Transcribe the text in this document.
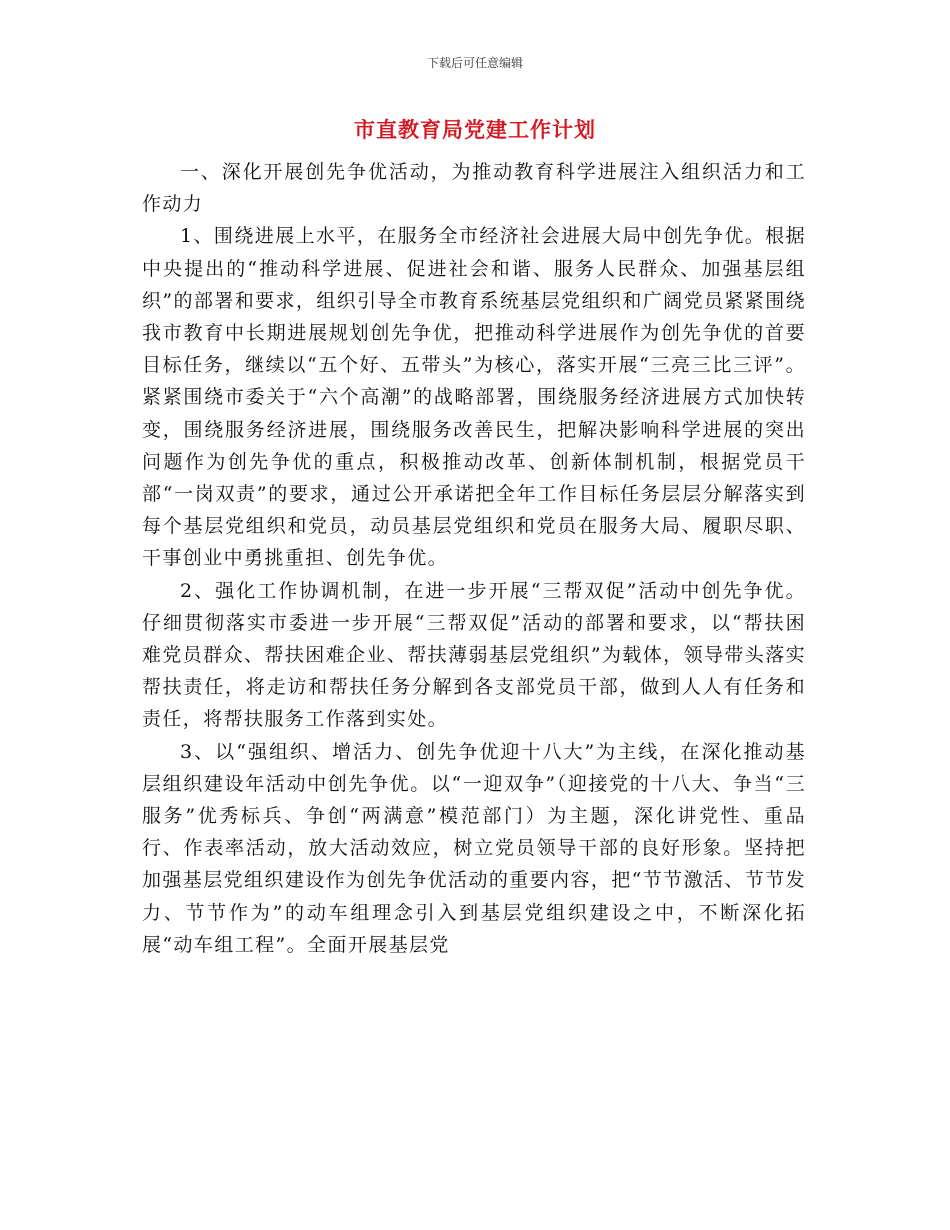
下载后可任意编辑
市直教育局党建工作计划

一、深化开展创先争优活动，为推动教育科学进展注入组织活力和工作动力

1、围绕进展上水平，在服务全市经济社会进展大局中创先争优。根据中央提出的“推动科学进展、促进社会和谐、服务人民群众、加强基层组织”的部署和要求，组织引导全市教育系统基层党组织和广阔党员紧紧围绕我市教育中长期进展规划创先争优，把推动科学进展作为创先争优的首要目标任务，继续以“五个好、五带头”为核心，落实开展“三亮三比三评”。紧紧围绕市委关于“六个高潮”的战略部署，围绕服务经济进展方式加快转变，围绕服务经济进展，围绕服务改善民生，把解决影响科学进展的突出问题作为创先争优的重点，积极推动改革、创新体制机制，根据党员干部“一岗双责”的要求，通过公开承诺把全年工作目标任务层层分解落实到每个基层党组织和党员，动员基层党组织和党员在服务大局、履职尽职、干事创业中勇挑重担、创先争优。

2、强化工作协调机制，在进一步开展“三帮双促”活动中创先争优。仔细贯彻落实市委进一步开展“三帮双促”活动的部署和要求，以“帮扶困难党员群众、帮扶困难企业、帮扶薄弱基层党组织”为载体，领导带头落实帮扶责任，将走访和帮扶任务分解到各支部党员干部，做到人人有任务和责任，将帮扶服务工作落到实处。

3、以“强组织、增活力、创先争优迎十八大”为主线，在深化推动基层组织建设年活动中创先争优。以“一迎双争”（迎接党的十八大、争当“三服务”优秀标兵、争创“两满意”模范部门）为主题，深化讲党性、重品行、作表率活动，放大活动效应，树立党员领导干部的良好形象。坚持把加强基层党组织建设作为创先争优活动的重要内容，把“节节激活、节节发力、节节作为”的动车组理念引入到基层党组织建设之中，不断深化拓展“动车组工程”。全面开展基层党
